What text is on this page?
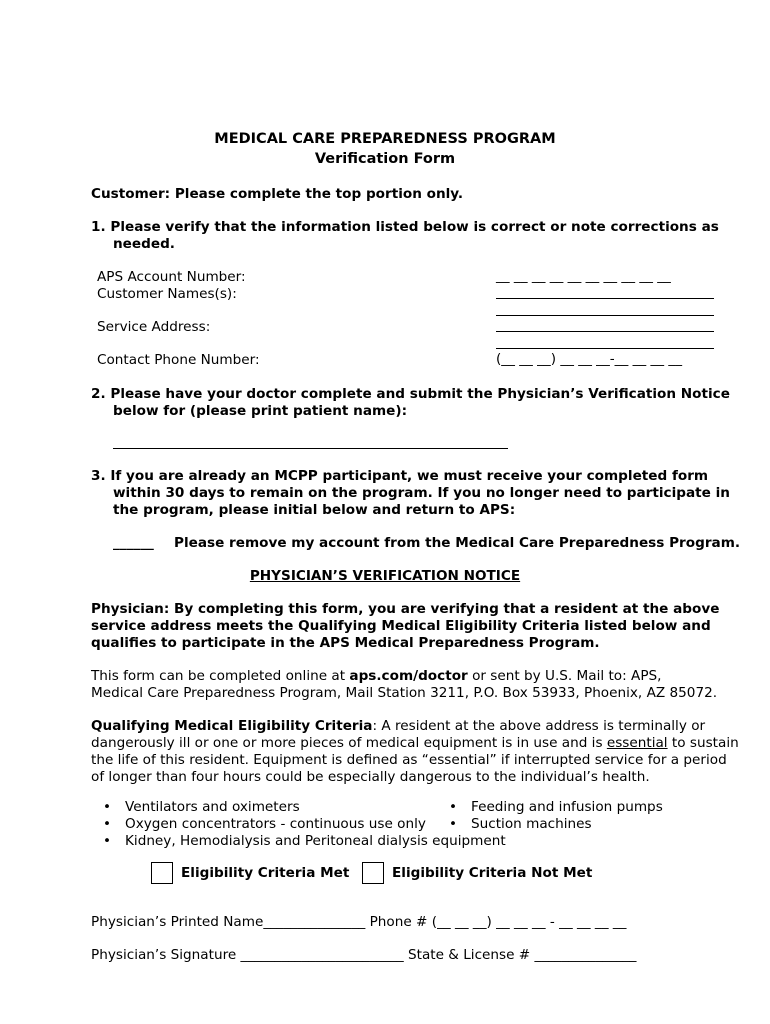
MEDICAL CARE PREPAREDNESS PROGRAM
Verification Form
Customer: Please complete the top portion only.
1. Please verify that the information listed below is correct or note corrections as
needed.
APS Account Number:	__ __ __ __ __ __ __ __ __ __
Customer Names(s):
Service Address:
Contact Phone Number:	(__ __ __) __ __ __-__ __ __ __
2. Please have your doctor complete and submit the Physician’s Verification Notice
below for (please print patient name):
3. If you are already an MCPP participant, we must receive your completed form
within 30 days to remain on the program. If you no longer need to participate in
the program, please initial below and return to APS:
______ Please remove my account from the Medical Care Preparedness Program.
PHYSICIAN’S VERIFICATION NOTICE
Physician: By completing this form, you are verifying that a resident at the above
service address meets the Qualifying Medical Eligibility Criteria listed below and
qualifies to participate in the APS Medical Preparedness Program.
This form can be completed online at aps.com/doctor or sent by U.S. Mail to: APS,
Medical Care Preparedness Program, Mail Station 3211, P.O. Box 53933, Phoenix, AZ 85072.
Qualifying Medical Eligibility Criteria: A resident at the above address is terminally or
dangerously ill or one or more pieces of medical equipment is in use and is essential to sustain
the life of this resident. Equipment is defined as “essential” if interrupted service for a period
of longer than four hours could be especially dangerous to the individual’s health.
• Ventilators and oximeters
• Oxygen concentrators - continuous use only
• Kidney, Hemodialysis and Peritoneal dialysis equipment
• Feeding and infusion pumps
• Suction machines
Eligibility Criteria Met	Eligibility Criteria Not Met
Physician’s Printed Name_______________ Phone # (__ __ __) __ __ __ - __ __ __ __
Physician’s Signature ________________________ State & License # _______________
